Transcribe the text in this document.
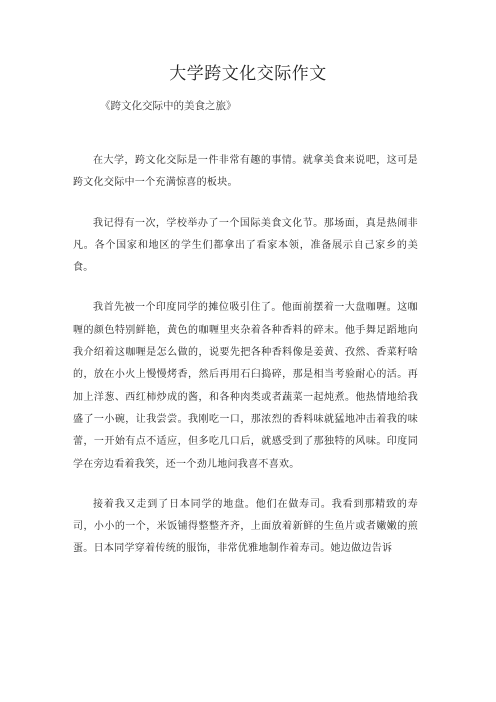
大学跨文化交际作文
《跨文化交际中的美食之旅》

在大学，跨文化交际是一件非常有趣的事情。就拿美食来说吧，这可是跨文化交际中一个充满惊喜的板块。

我记得有一次，学校举办了一个国际美食文化节。那场面，真是热闹非凡。各个国家和地区的学生们都拿出了看家本领，准备展示自己家乡的美食。

我首先被一个印度同学的摊位吸引住了。他面前摆着一大盘咖喱。这咖喱的颜色特别鲜艳，黄色的咖喱里夹杂着各种香料的碎末。他手舞足蹈地向我介绍着这咖喱是怎么做的，说要先把各种香料像是姜黄、孜然、香菜籽啥的，放在小火上慢慢烤香，然后再用石臼捣碎，那是相当考验耐心的活。再加上洋葱、西红柿炒成的酱，和各种肉类或者蔬菜一起炖煮。他热情地给我盛了一小碗，让我尝尝。我刚吃一口，那浓烈的香料味就猛地冲击着我的味蕾，一开始有点不适应，但多吃几口后，就感受到了那独特的风味。印度同学在旁边看着我笑，还一个劲儿地问我喜不喜欢。

接着我又走到了日本同学的地盘。他们在做寿司。我看到那精致的寿司，小小的一个，米饭铺得整整齐齐，上面放着新鲜的生鱼片或者嫩嫩的煎蛋。日本同学穿着传统的服饰，非常优雅地制作着寿司。她边做边告诉
